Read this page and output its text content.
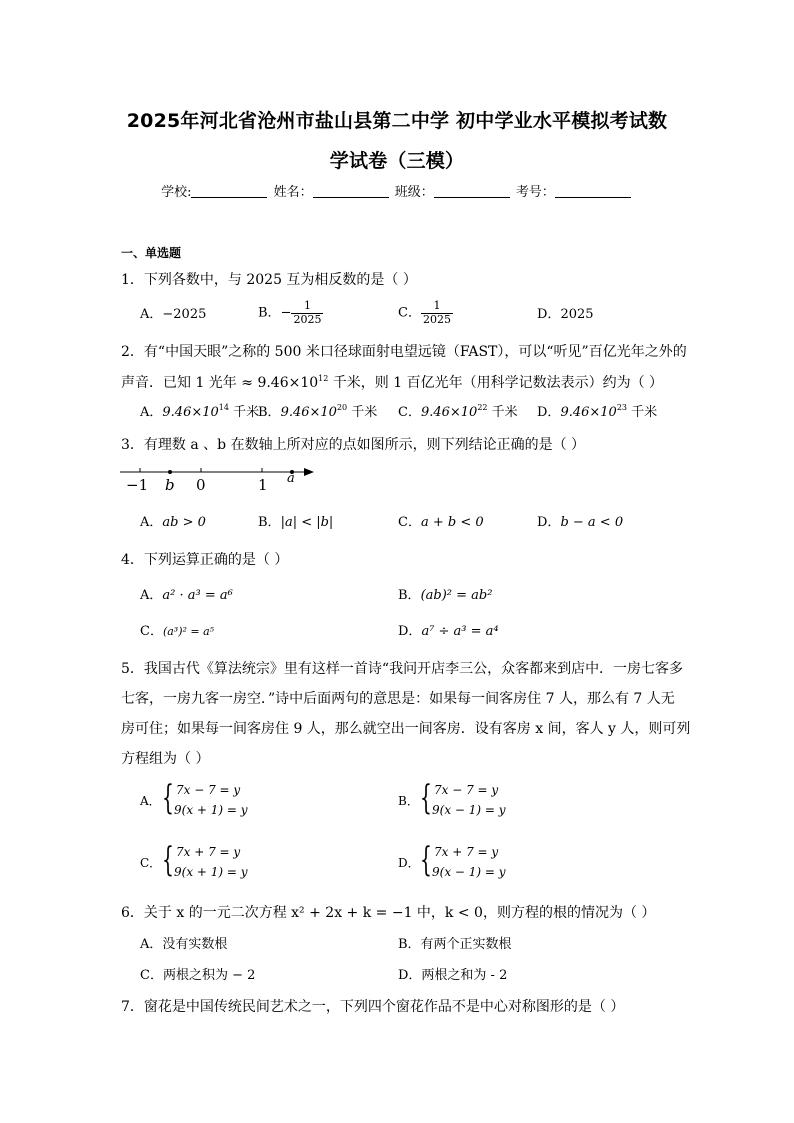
2025年河北省沧州市盐山县第二中学 初中学业水平模拟考试数
学试卷（三模）
学校:	姓名：	班级：	考号：
一、单选题
1．下列各数中，与 2025 互为相反数的是（ ）
A．−2025	B．− $\frac{1}{2025}$	C． $\frac{1}{2025}$	D．2025
2．有“中国天眼”之称的 500 米口径球面射电望远镜（FAST），可以“听见”百亿光年之外的
声音．已知 1 光年 ≈ $9.46\times 10^{12}$ 千米，则 1 百亿光年（用科学记数法表示）约为（ ）
A．$9.46\times 10^{14}$ 千米
B．$9.46\times 10^{20}$ 千米 C．$9.46\times 10^{22}$ 千米 D．$9.46\times 10^{23}$ 千米
3．有理数 a 、b 在数轴上所对应的点如图所示，则下列结论正确的是（ ）
−1 b 0	1 a
A．ab > 0	B．|a| < |b|	C．a + b < 0	D．b − a < 0
4．下列运算正确的是（ ）
A．a² · a³ = a⁶	B．(ab)² = ab²
C．(a³)² = a⁵	D．a⁷ ÷ a³ = a⁴
5．我国古代《算法统宗》里有这样一首诗“我问开店李三公，众客都来到店中．一房七客多
七客，一房九客一房空．”诗中后面两句的意思是：如果每一间客房住 7 人，那么有 7 人无
房可住；如果每一间客房住 9 人，那么就空出一间客房．设有客房 x 间，客人 y 人，则可列
方程组为（ ）
A． { 7x − 7 = y
9(x + 1) = y
B． { 7x − 7 = y
9(x − 1) = y
C． { 7x + 7 = y
9(x + 1) = y
D． { 7x + 7 = y
9(x − 1) = y
6．关于 x 的一元二次方程 x² + 2x + k = −1 中，k < 0，则方程的根的情况为（ ）
A．没有实数根	B．有两个正实数根
C．两根之积为 − 2	D．两根之和为 - 2
7．窗花是中国传统民间艺术之一，下列四个窗花作品不是中心对称图形的是（ ）
